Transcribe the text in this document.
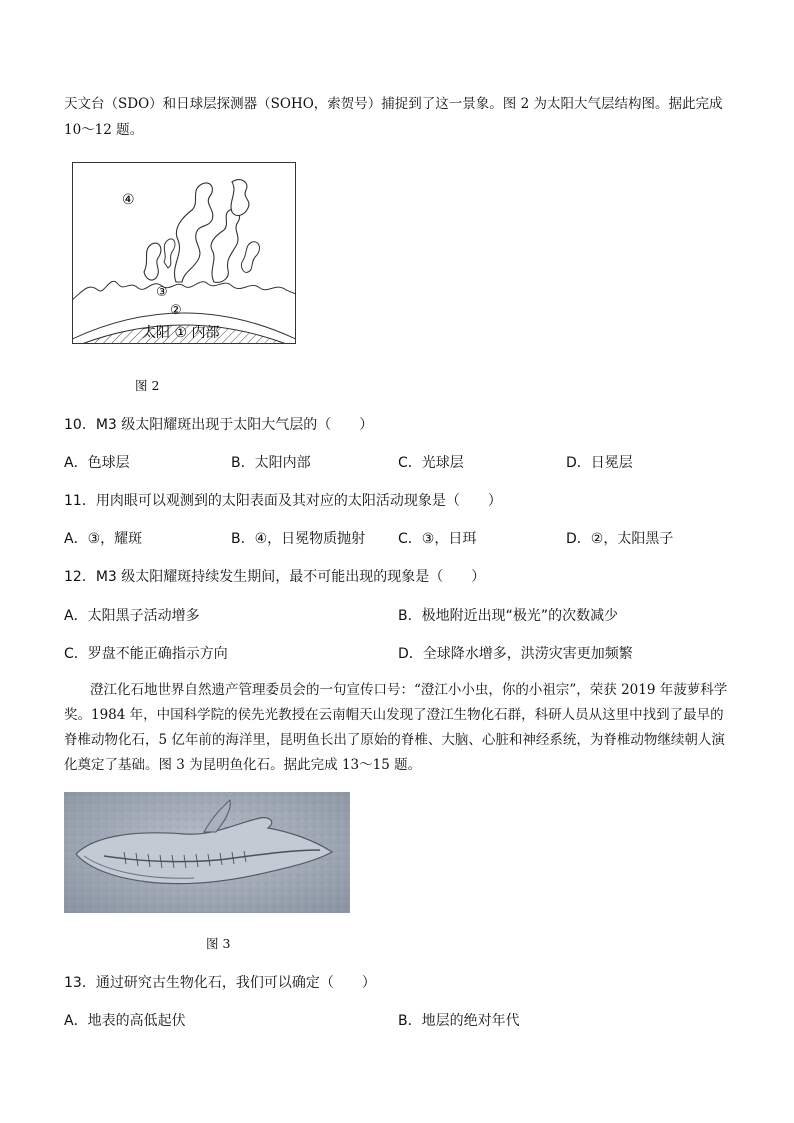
天文台（SDO）和日球层探测器（SOHO，索贺号）捕捉到了这一景象。图 2 为太阳大气层结构图。据此完成
10～12 题。
④
③
②
太阳 ① 内部
图 2
10．M3 级太阳耀斑出现于太阳大气层的（　　）
A．色球层	B．太阳内部	C．光球层	D．日冕层
11．用肉眼可以观测到的太阳表面及其对应的太阳活动现象是（　　）
A．③，耀斑	B．④，日冕物质抛射 C．③，日珥	D．②，太阳黑子
12．M3 级太阳耀斑持续发生期间，最不可能出现的现象是（　　）
A．太阳黑子活动增多	B．极地附近出现“极光”的次数减少
C．罗盘不能正确指示方向	D．全球降水增多，洪涝灾害更加频繁
澄江化石地世界自然遗产管理委员会的一句宣传口号：“澄江小小虫，你的小祖宗”，荣获 2019 年菠萝科学奖。1984 年，中国科学院的侯先光教授在云南帽天山发现了澄江生物化石群，科研人员从这里中找到了最早的脊椎动物化石，5 亿年前的海洋里，昆明鱼长出了原始的脊椎、大脑、心脏和神经系统，为脊椎动物继续朝人演化奠定了基础。图 3 为昆明鱼化石。据此完成 13～15 题。
图 3
13．通过研究古生物化石，我们可以确定（　　）
A．地表的高低起伏	B．地层的绝对年代
